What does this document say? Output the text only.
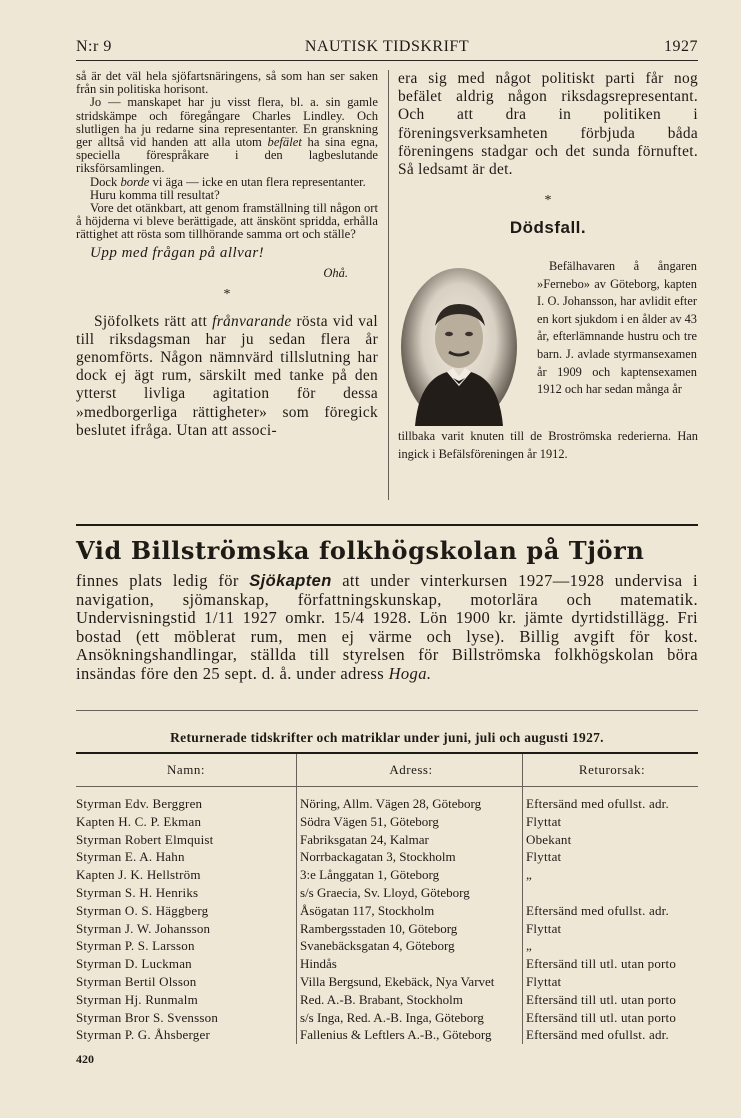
N:r 9	NAUTISK TIDSKRIFT	1927

så är det väl hela sjöfartsnäringens, så som han ser saken från sin politiska horisont.

Jo — manskapet har ju visst flera, bl. a. sin gamle stridskämpe och föregångare Charles Lindley. Och slutligen ha ju redarne sina representanter. En granskning ger alltså vid handen att alla utom befälet ha sina egna, speciella förespråkare i den lagbeslutande riksförsamlingen.

Dock borde vi äga — icke en utan flera representanter.

Huru komma till resultat?

Vore det otänkbart, att genom framställning till någon ort å höjderna vi bleve berättigade, att änskönt spridda, erhålla rättighet att rösta som tillhörande samma ort och ställe?

Upp med frågan på allvar!

Ohå.

*

Sjöfolkets rätt att frånvarande rösta vid val till riksdagsman har ju sedan flera år genomförts. Någon nämnvärd tillslutning har dock ej ägt rum, särskilt med tanke på den ytterst livliga agitation för dessa »medborgerliga rättigheter» som föregick beslutet ifråga. Utan att associ-

era sig med något politiskt parti får nog befälet aldrig någon riksdagsrepresentant. Och att dra in politiken i föreningsverksamheten förbjuda båda föreningens stadgar och det sunda förnuftet. Så ledsamt är det.

*

Dödsfall.

Befälhavaren å ångaren »Fernebo» av Göteborg, kapten I. O. Johansson, har avlidit efter en kort sjukdom i en ålder av 43 år, efterlämnande hustru och tre barn. J. avlade styrmansexamen år 1909 och kaptensexamen 1912 och har sedan många år

tillbaka varit knuten till de Broströmska rederierna. Han ingick i Befälsföreningen år 1912.

Vid Billströmska folkhögskolan på Tjörn

finnes plats ledig för Sjökapten att under vinterkursen 1927—1928 undervisa i navigation, sjömanskap, författningskunskap, motorlära och matematik. Undervisningstid 1/11 1927 omkr. 15/4 1928. Lön 1900 kr. jämte dyrtidstillägg. Fri bostad (ett möblerat rum, men ej värme och lyse). Billig avgift för kost. Ansökningshandlingar, ställda till styrelsen för Billströmska folkhögskolan böra insändas före den 25 sept. d. å. under adress Hoga.

Returnerade tidskrifter och matriklar under juni, juli och augusti 1927.
Namn:	Adress:	Returorsak:
Styrman Edv. Berggren	Nöring, Allm. Vägen 28, Göteborg	Eftersänd med ofullst. adr.
Kapten H. C. P. Ekman	Södra Vägen 51, Göteborg	Flyttat
Styrman Robert Elmquist	Fabriksgatan 24, Kalmar	Obekant
Styrman E. A. Hahn	Norrbackagatan 3, Stockholm	Flyttat
Kapten J. K. Hellström	3:e Långgatan 1, Göteborg	„
Styrman S. H. Henriks	s/s Graecia, Sv. Lloyd, Göteborg
Styrman O. S. Häggberg	Åsögatan 117, Stockholm	Eftersänd med ofullst. adr.
Styrman J. W. Johansson	Rambergsstaden 10, Göteborg	Flyttat
Styrman P. S. Larsson	Svanebäcksgatan 4, Göteborg	„
Styrman D. Luckman	Hindås	Eftersänd till utl. utan porto
Styrman Bertil Olsson	Villa Bergsund, Ekebäck, Nya Varvet	Flyttat
Styrman Hj. Runmalm	Red. A.-B. Brabant, Stockholm	Eftersänd till utl. utan porto
Styrman Bror S. Svensson	s/s Inga, Red. A.-B. Inga, Göteborg	Eftersänd till utl. utan porto
Styrman P. G. Åhsberger	Fallenius & Leftlers A.-B., Göteborg	Eftersänd med ofullst. adr.
420
